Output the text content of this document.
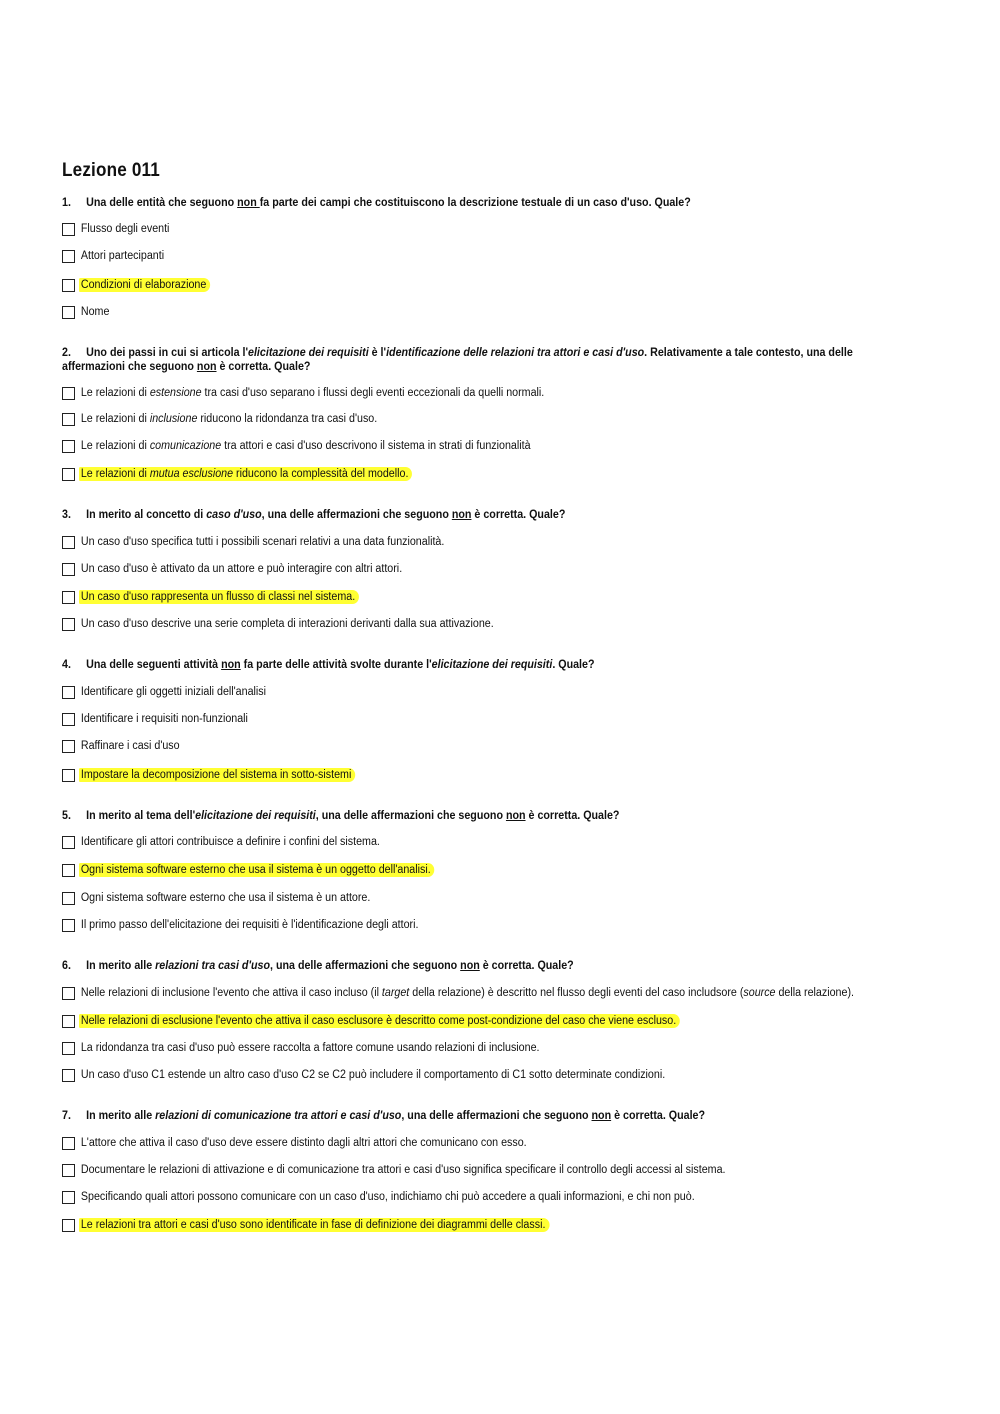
Lezione 011
1. Una delle entità che seguono non fa parte dei campi che costituiscono la descrizione testuale di un caso d'uso. Quale?
Flusso degli eventi
Attori partecipanti
Condizioni di elaborazione
Nome
2. Uno dei passi in cui si articola l'elicitazione dei requisiti è l'identificazione delle relazioni tra attori e casi d'uso. Relativamente a tale contesto, una delle affermazioni che seguono non è corretta. Quale?
Le relazioni di estensione tra casi d'uso separano i flussi degli eventi eccezionali da quelli normali.
Le relazioni di inclusione riducono la ridondanza tra casi d'uso.
Le relazioni di comunicazione tra attori e casi d'uso descrivono il sistema in strati di funzionalità
Le relazioni di mutua esclusione riducono la complessità del modello.
3. In merito al concetto di caso d'uso, una delle affermazioni che seguono non è corretta. Quale?
Un caso d'uso specifica tutti i possibili scenari relativi a una data funzionalità.
Un caso d'uso è attivato da un attore e può interagire con altri attori.
Un caso d'uso rappresenta un flusso di classi nel sistema.
Un caso d'uso descrive una serie completa di interazioni derivanti dalla sua attivazione.
4. Una delle seguenti attività non fa parte delle attività svolte durante l'elicitazione dei requisiti. Quale?
Identificare gli oggetti iniziali dell'analisi
Identificare i requisiti non-funzionali
Raffinare i casi d'uso
Impostare la decomposizione del sistema in sotto-sistemi
5. In merito al tema dell'elicitazione dei requisiti, una delle affermazioni che seguono non è corretta. Quale?
Identificare gli attori contribuisce a definire i confini del sistema.
Ogni sistema software esterno che usa il sistema è un oggetto dell'analisi.
Ogni sistema software esterno che usa il sistema è un attore.
Il primo passo dell'elicitazione dei requisiti è l'identificazione degli attori.
6. In merito alle relazioni tra casi d'uso, una delle affermazioni che seguono non è corretta. Quale?
Nelle relazioni di inclusione l'evento che attiva il caso incluso (il target della relazione) è descritto nel flusso degli eventi del caso includsore (source della relazione).
Nelle relazioni di esclusione l'evento che attiva il caso esclusore è descritto come post-condizione del caso che viene escluso.
La ridondanza tra casi d'uso può essere raccolta a fattore comune usando relazioni di inclusione.
Un caso d'uso C1 estende un altro caso d'uso C2 se C2 può includere il comportamento di C1 sotto determinate condizioni.
7. In merito alle relazioni di comunicazione tra attori e casi d'uso, una delle affermazioni che seguono non è corretta. Quale?
L'attore che attiva il caso d'uso deve essere distinto dagli altri attori che comunicano con esso.
Documentare le relazioni di attivazione e di comunicazione tra attori e casi d'uso significa specificare il controllo degli accessi al sistema.
Specificando quali attori possono comunicare con un caso d'uso, indichiamo chi può accedere a quali informazioni, e chi non può.
Le relazioni tra attori e casi d'uso sono identificate in fase di definizione dei diagrammi delle classi.
